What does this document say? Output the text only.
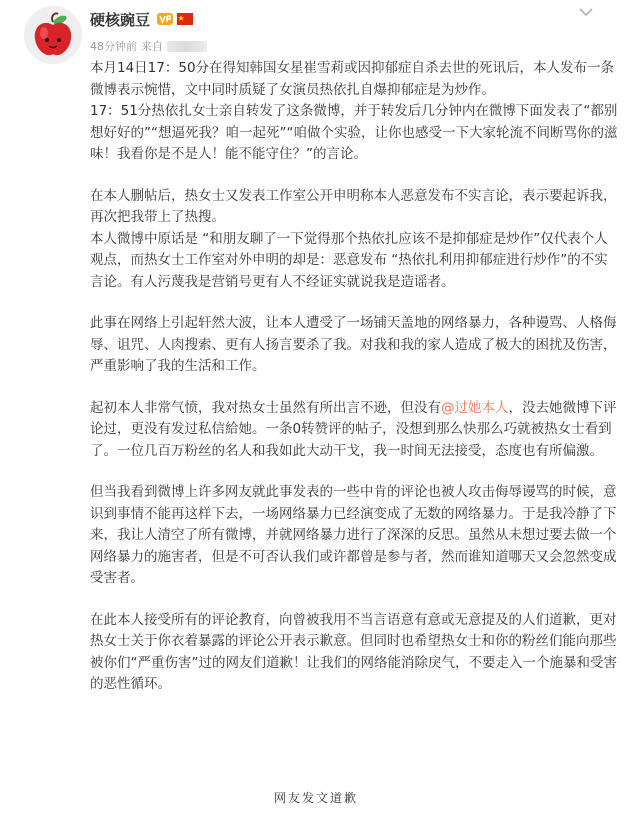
硬核豌豆
48分钟前 来自

本月14日17：50分在得知韩国女星崔雪莉或因抑郁症自杀去世的死讯后，本人发布一条微博表示惋惜，文中同时质疑了女演员热依扎自爆抑郁症是为炒作。

17：51分热依扎女士亲自转发了这条微博，并于转发后几分钟内在微博下面发表了“都别想好好的”“想逼死我？咱一起死”“咱做个实验，让你也感受一下大家轮流不间断骂你的滋味！我看你是不是人！能不能守住？”的言论。

在本人删帖后，热女士又发表工作室公开申明称本人恶意发布不实言论，表示要起诉我，再次把我带上了热搜。

本人微博中原话是 “和朋友聊了一下觉得那个热依扎应该不是抑郁症是炒作”仅代表个人观点，而热女士工作室对外申明的却是：恶意发布 “热依扎利用抑郁症进行炒作”的不实言论。有人污蔑我是营销号更有人不经证实就说我是造谣者。

此事在网络上引起轩然大波，让本人遭受了一场铺天盖地的网络暴力，各种谩骂、人格侮辱、诅咒、人肉搜索、更有人扬言要杀了我。对我和我的家人造成了极大的困扰及伤害，严重影响了我的生活和工作。

起初本人非常气愤，我对热女士虽然有所出言不逊，但没有@过她本人，没去她微博下评论过，更没有发过私信給她。一条0转赞评的帖子，没想到那么快那么巧就被热女士看到了。一位几百万粉丝的名人和我如此大动干戈，我一时间无法接受，态度也有所偏激。

但当我看到微博上许多网友就此事发表的一些中肯的评论也被人攻击侮辱谩骂的时候，意识到事情不能再这样下去，一场网络暴力已经演变成了无数的网络暴力。于是我冷静了下来，我让人清空了所有微博，并就网络暴力进行了深深的反思。虽然从未想过要去做一个网络暴力的施害者，但是不可否认我们或许都曾是参与者，然而谁知道哪天又会忽然变成受害者。

在此本人接受所有的评论教育，向曾被我用不当言语意有意或无意提及的人们道歉，更对热女士关于你衣着暴露的评论公开表示歉意。但同时也希望热女士和你的粉丝们能向那些被你们“严重伤害”过的网友们道歉！让我们的网络能消除戾气，不要走入一个施暴和受害的恶性循环。

网友发文道歉
